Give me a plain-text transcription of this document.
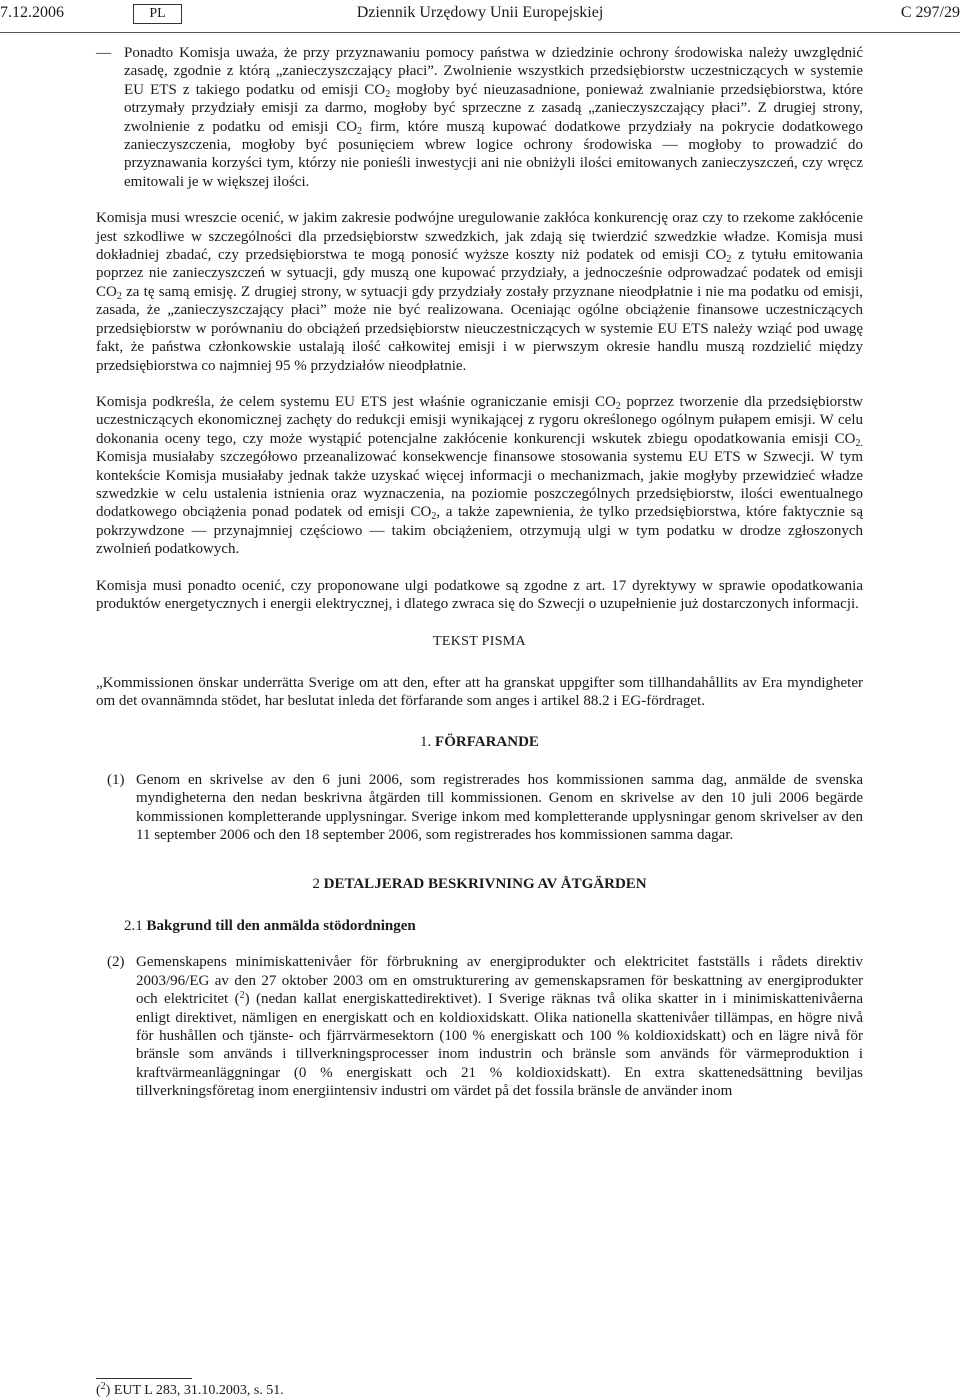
7.12.2006	PL	Dziennik Urzędowy Unii Europejskiej	C 297/29

— Ponadto Komisja uważa, że przy przyznawaniu pomocy państwa w dziedzinie ochrony środowiska należy uwzględnić zasadę, zgodnie z którą „zanieczyszczający płaci”. Zwolnienie wszystkich przedsiębiorstw uczestniczących w systemie EU ETS z takiego podatku od emisji $CO_2$ mogłoby być nieuzasadnione, ponieważ zwalnianie przedsiębiorstwa, które otrzymały przydziały emisji za darmo, mogłoby być sprzeczne z zasadą „zanieczyszczający płaci”. Z drugiej strony, zwolnienie z podatku od emisji $CO_2$ firm, które muszą kupować dodatkowe przydziały na pokrycie dodatkowego zanieczyszczenia, mogłoby być posunięciem wbrew logice ochrony środowiska — mogłoby to prowadzić do przyznawania korzyści tym, którzy nie ponieśli inwestycji ani nie obniżyli ilości emitowanych zanieczyszczeń, czy wręcz emitowali je w większej ilości.

Komisja musi wreszcie ocenić, w jakim zakresie podwójne uregulowanie zakłóca konkurencję oraz czy to rzekome zakłócenie jest szkodliwe w szczególności dla przedsiębiorstw szwedzkich, jak zdają się twierdzić szwedzkie władze. Komisja musi dokładniej zbadać, czy przedsiębiorstwa te mogą ponosić wyższe koszty niż podatek od emisji $CO_2$ z tytułu emitowania poprzez nie zanieczyszczeń w sytuacji, gdy muszą one kupować przydziały, a jednocześnie odprowadzać podatek od emisji $CO_2$ za tę samą emisję. Z drugiej strony, w sytuacji gdy przydziały zostały przyznane nieodpłatnie i nie ma podatku od emisji, zasada, że „zanieczyszczający płaci” może nie być realizowana. Oceniając ogólne obciążenie finansowe uczestniczących przedsiębiorstw w porównaniu do obciążeń przedsiębiorstw nieuczestniczących w systemie EU ETS należy wziąć pod uwagę fakt, że państwa członkowskie ustalają ilość całkowitej emisji i w pierwszym okresie handlu muszą rozdzielić między przedsiębiorstwa co najmniej 95 % przydziałów nieodpłatnie.

Komisja podkreśla, że celem systemu EU ETS jest właśnie ograniczanie emisji $CO_2$ poprzez tworzenie dla przedsiębiorstw uczestniczących ekonomicznej zachęty do redukcji emisji wynikającej z rygoru określonego ogólnym pułapem emisji. W celu dokonania oceny tego, czy może wystąpić potencjalne zakłócenie konkurencji wskutek zbiegu opodatkowania emisji $CO_{2.}$ Komisja musiałaby szczegółowo przeanalizować konsekwencje finansowe stosowania systemu EU ETS w Szwecji. W tym kontekście Komisja musiałaby jednak także uzyskać więcej informacji o mechanizmach, jakie mogłyby przewidzieć władze szwedzkie w celu ustalenia istnienia oraz wyznaczenia, na poziomie poszczególnych przedsiębiorstw, ilości ewentualnego dodatkowego obciążenia ponad podatek od emisji $CO_2$, a także zapewnienia, że tylko przedsiębiorstwa, które faktycznie są pokrzywdzone — przynajmniej częściowo — takim obciążeniem, otrzymują ulgi w tym podatku w drodze zgłoszonych zwolnień podatkowych.

Komisja musi ponadto ocenić, czy proponowane ulgi podatkowe są zgodne z art. 17 dyrektywy w sprawie opodatkowania produktów energetycznych i energii elektrycznej, i dlatego zwraca się do Szwecji o uzupełnienie już dostarczonych informacji.

TEKST PISMA

„Kommissionen önskar underrätta Sverige om att den, efter att ha granskat uppgifter som tillhandahållits av Era myndigheter om det ovannämnda stödet, har beslutat inleda det förfarande som anges i artikel 88.2 i EG-fördraget.

1. FÖRFARANDE
(1) Genom en skrivelse av den 6 juni 2006, som registrerades hos kommissionen samma dag, anmälde de svenska myndigheterna den nedan beskrivna åtgärden till kommissionen. Genom en skrivelse av den 10 juli 2006 begärde kommissionen kompletterande upplysningar. Sverige inkom med kompletterande upplysningar genom skrivelser av den 11 september 2006 och den 18 september 2006, som registrerades hos kommissionen samma dagar.
2 DETALJERAD BESKRIVNING AV ÅTGÄRDEN
2.1 Bakgrund till den anmälda stödordningen
(2) Gemenskapens minimiskattenivåer för förbrukning av energiprodukter och elektricitet fastställs i rådets direktiv 2003/96/EG av den 27 oktober 2003 om en omstrukturering av gemenskapsramen för beskattning av energiprodukter och elektricitet ($^2$) (nedan kallat energiskattedirektivet). I Sverige räknas två olika skatter in i minimiskattenivåerna enligt direktivet, nämligen en energiskatt och en koldioxidskatt. Olika nationella skattenivåer tillämpas, en högre nivå för hushållen och tjänste- och fjärrvärmesektorn (100 % energiskatt och 100 % koldioxidskatt) och en lägre nivå för bränsle som används i tillverkningsprocesser inom industrin och bränsle som används för värmeproduktion i kraftvärmeanläggningar (0 % energiskatt och 21 % koldioxidskatt). En extra skattenedsättning beviljas tillverkningsföretag inom energiintensiv industri om värdet på det fossila bränsle de använder inom
($^2$) EUT L 283, 31.10.2003, s. 51.
